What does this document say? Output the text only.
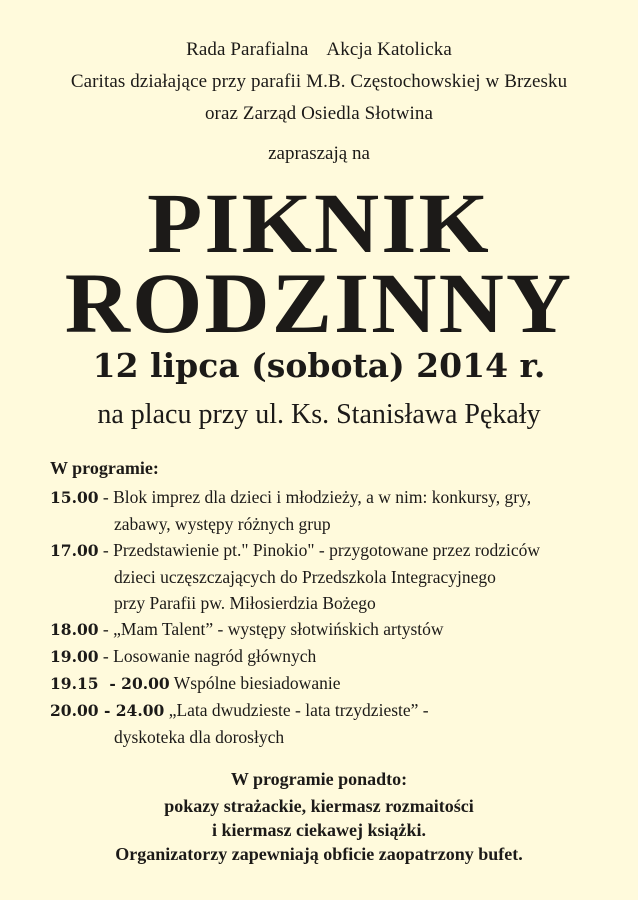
Rada Parafialna Akcja Katolicka
Caritas działające przy parafii M.B. Częstochowskiej w Brzesku
oraz Zarząd Osiedla Słotwina
zapraszają na
PIKNIK
RODZINNY
12 lipca (sobota) 2014 r.
na placu przy ul. Ks. Stanisława Pękały
W programie:
15.00 - Blok imprez dla dzieci i młodzieży, a w nim: konkursy, gry,
zabawy, występy różnych grup
17.00 - Przedstawienie pt." Pinokio" - przygotowane przez rodziców
dzieci uczęszczających do Przedszkola Integracyjnego
przy Parafii pw. Miłosierdzia Bożego
18.00 - „Mam Talent” - występy słotwińskich artystów
19.00 - Losowanie nagród głównych
19.15  - 20.00 Wspólne biesiadowanie
20.00 - 24.00 „Lata dwudzieste - lata trzydzieste” -
dyskoteka dla dorosłych
W programie ponadto:
pokazy strażackie, kiermasz rozmaitości
i kiermasz ciekawej książki.
Organizatorzy zapewniają obficie zaopatrzony bufet.
